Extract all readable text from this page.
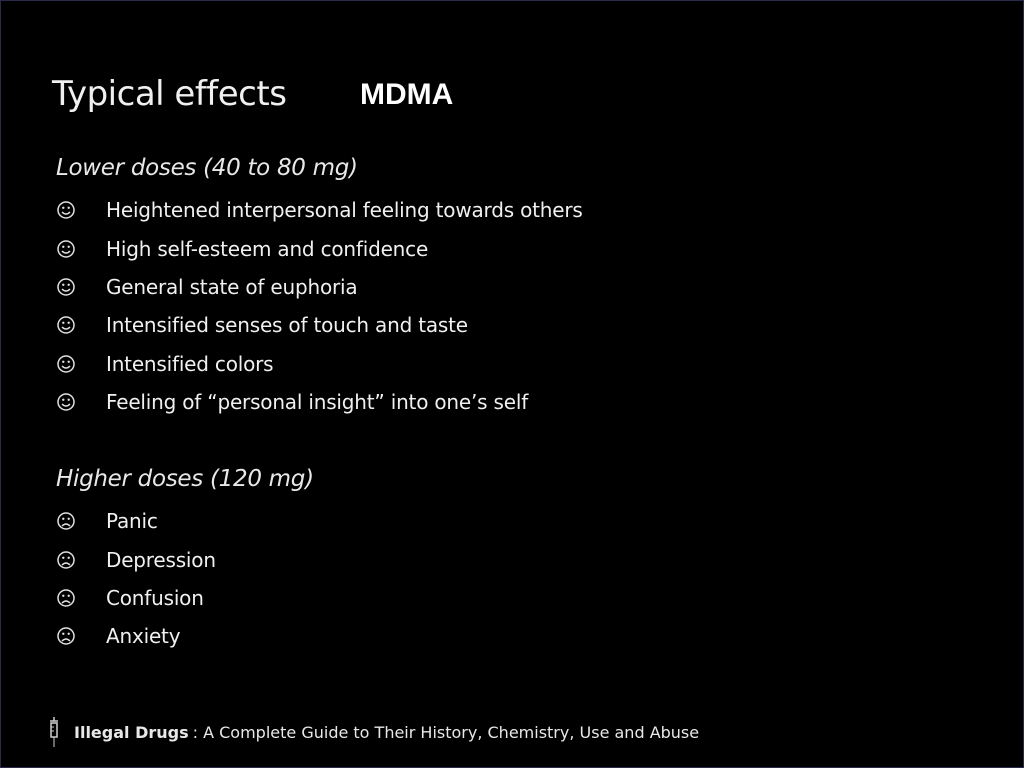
Typical effects MDMA
Lower doses (40 to 80 mg)
Heightened interpersonal feeling towards others
High self-esteem and confidence
General state of euphoria
Intensified senses of touch and taste
Intensified colors
Feeling of “personal insight” into one’s self
Higher doses (120 mg)
Panic
Depression
Confusion
Anxiety
Illegal Drugs : A Complete Guide to Their History, Chemistry, Use and Abuse
